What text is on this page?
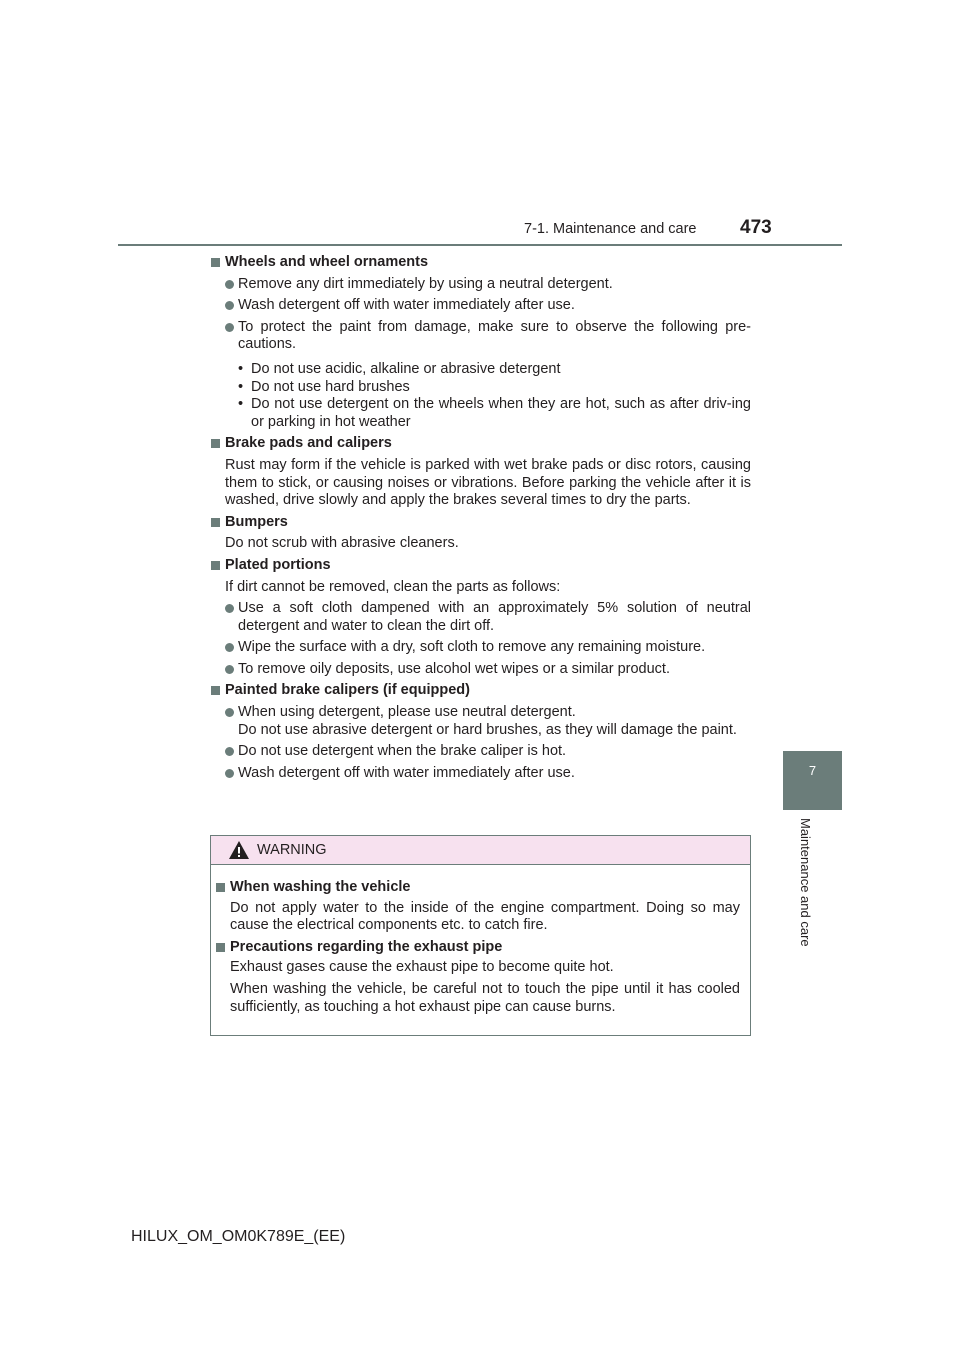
7-1. Maintenance and care 473
7
Maintenance and care
Wheels and wheel ornaments
Remove any dirt immediately by using a neutral detergent.
Wash detergent off with water immediately after use.
To protect the paint from damage, make sure to observe the following pre-cautions.
• Do not use acidic, alkaline or abrasive detergent
• Do not use hard brushes
• Do not use detergent on the wheels when they are hot, such as after driv-ing or parking in hot weather
Brake pads and calipers
Rust may form if the vehicle is parked with wet brake pads or disc rotors, causing them to stick, or causing noises or vibrations. Before parking the vehicle after it is washed, drive slowly and apply the brakes several times to dry the parts.
Bumpers
Do not scrub with abrasive cleaners.
Plated portions
If dirt cannot be removed, clean the parts as follows:
Use a soft cloth dampened with an approximately 5% solution of neutral detergent and water to clean the dirt off.
Wipe the surface with a dry, soft cloth to remove any remaining moisture.
To remove oily deposits, use alcohol wet wipes or a similar product.
Painted brake calipers (if equipped)

When using detergent, please use neutral detergent.

Do not use abrasive detergent or hard brushes, as they will damage the paint.

Do not use detergent when the brake caliper is hot.
Wash detergent off with water immediately after use.
WARNING
When washing the vehicle
Do not apply water to the inside of the engine compartment. Doing so may cause the electrical components etc. to catch fire.
Precautions regarding the exhaust pipe
Exhaust gases cause the exhaust pipe to become quite hot.
When washing the vehicle, be careful not to touch the pipe until it has cooled sufficiently, as touching a hot exhaust pipe can cause burns.
HILUX_OM_OM0K789E_(EE)
